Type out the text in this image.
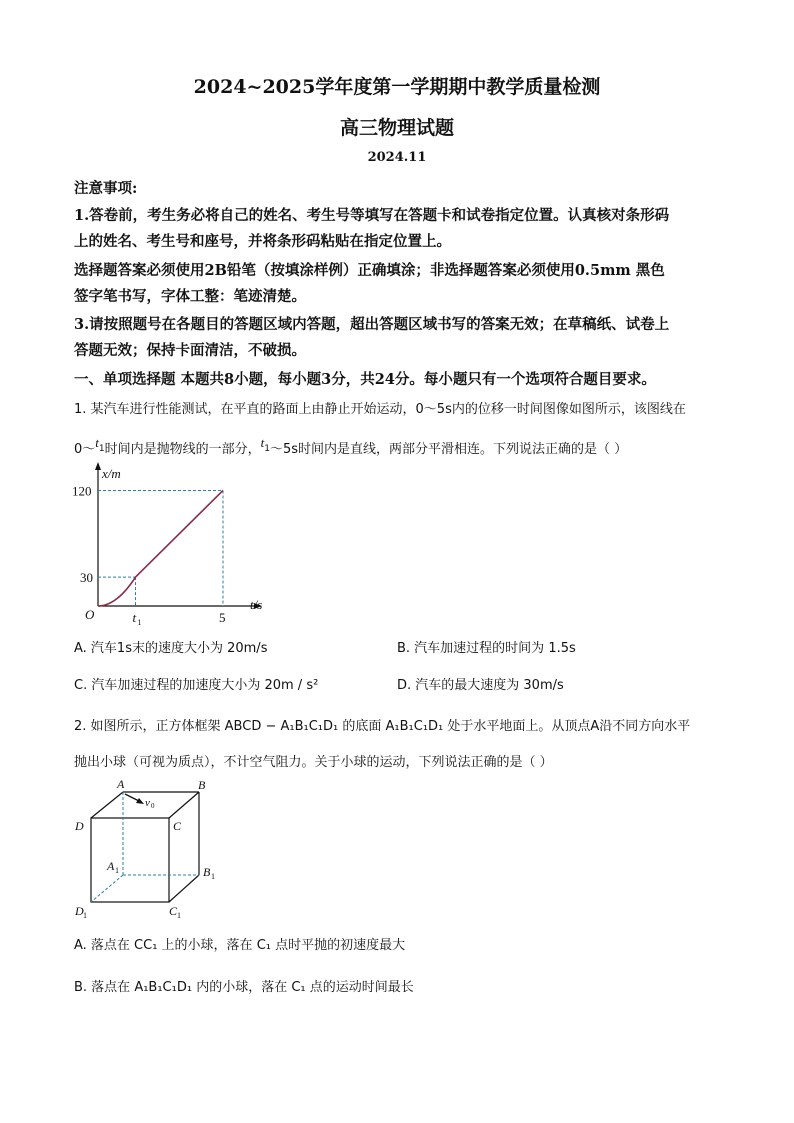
2024~2025学年度第一学期期中教学质量检测
高三物理试题
2024.11
注意事项:
1.答卷前，考生务必将自己的姓名、考生号等填写在答题卡和试卷指定位置。认真核对条形码
上的姓名、考生号和座号，并将条形码粘贴在指定位置上。
选择题答案必须使用2B铅笔（按填涂样例）正确填涂；非选择题答案必须使用0.5mm 黑色
签字笔书写，字体工整：笔迹清楚。
3.请按照题号在各题目的答题区域内答题，超出答题区域书写的答案无效；在草稿纸、试卷上
答题无效；保持卡面清洁，不破损。
一、单项选择题 本题共8小题，每小题3分，共24分。每小题只有一个选项符合题目要求。
1. 某汽车进行性能测试，在平直的路面上由静止开始运动，0～5s内的位移一时间图像如图所示，该图线在
$0\sim t_1$时间内是抛物线的一部分，$t_1\sim 5s$时间内是直线，两部分平滑相连。下列说法正确的是（ ）
x/m
t/s
O
120
30
t 1	5
A. 汽车1s末的速度大小为 20m/s	B. 汽车加速过程的时间为 1.5s
C. 汽车加速过程的加速度大小为 20m / s²	D. 汽车的最大速度为 30m/s
2. 如图所示，正方体框架 ABCD − A₁B₁C₁D₁ 的底面 A₁B₁C₁D₁ 处于水平地面上。从顶点A沿不同方向水平
抛出小球（可视为质点），不计空气阻力。关于小球的运动，下列说法正确的是（ ）
A	B
C
D
v 0
A 1	B 1
C 1
D 1
A. 落点在 CC₁ 上的小球，落在 C₁ 点时平抛的初速度最大
B. 落点在 A₁B₁C₁D₁ 内的小球，落在 C₁ 点的运动时间最长
